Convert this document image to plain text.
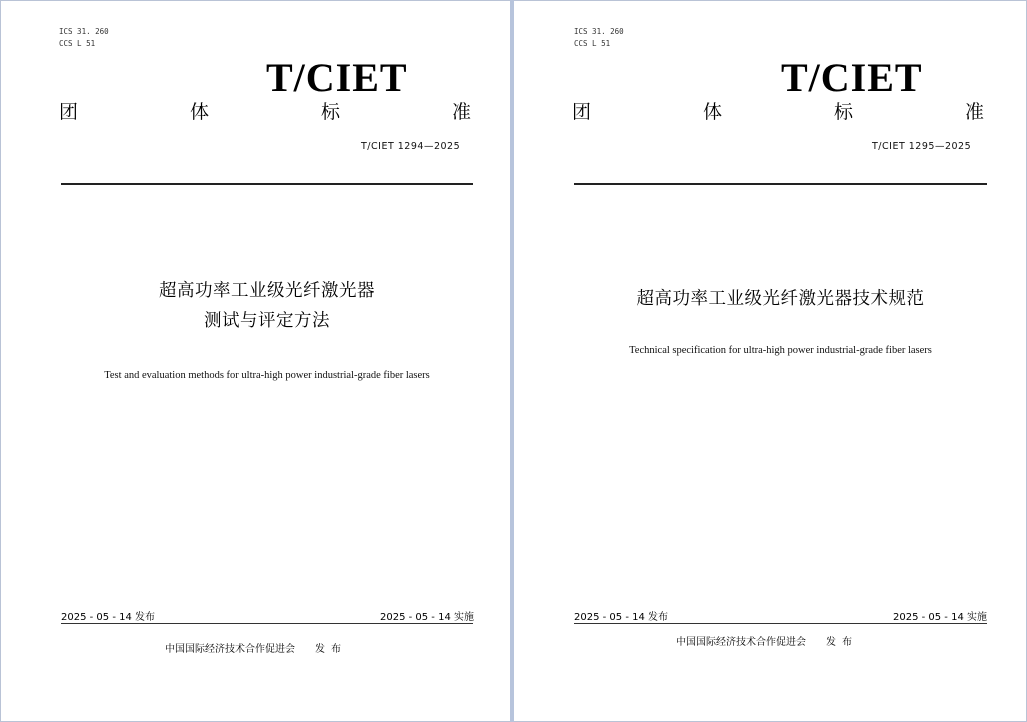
ICS 31. 260
CCS L 51
T/CIET
团	体	标	准
T/CIET 1294—2025
超高功率工业级光纤激光器
测试与评定方法
Test and evaluation methods for ultra-high power industrial-grade fiber lasers
2025 - 05 - 14 发布	2025 - 05 - 14 实施
中国国际经济技术合作促进会 发布
ICS 31. 260
CCS L 51
T/CIET
团	体	标	准
T/CIET 1295—2025
超高功率工业级光纤激光器技术规范
Technical specification for ultra-high power industrial-grade fiber lasers
2025 - 05 - 14 发布	2025 - 05 - 14 实施
中国国际经济技术合作促进会 发布
